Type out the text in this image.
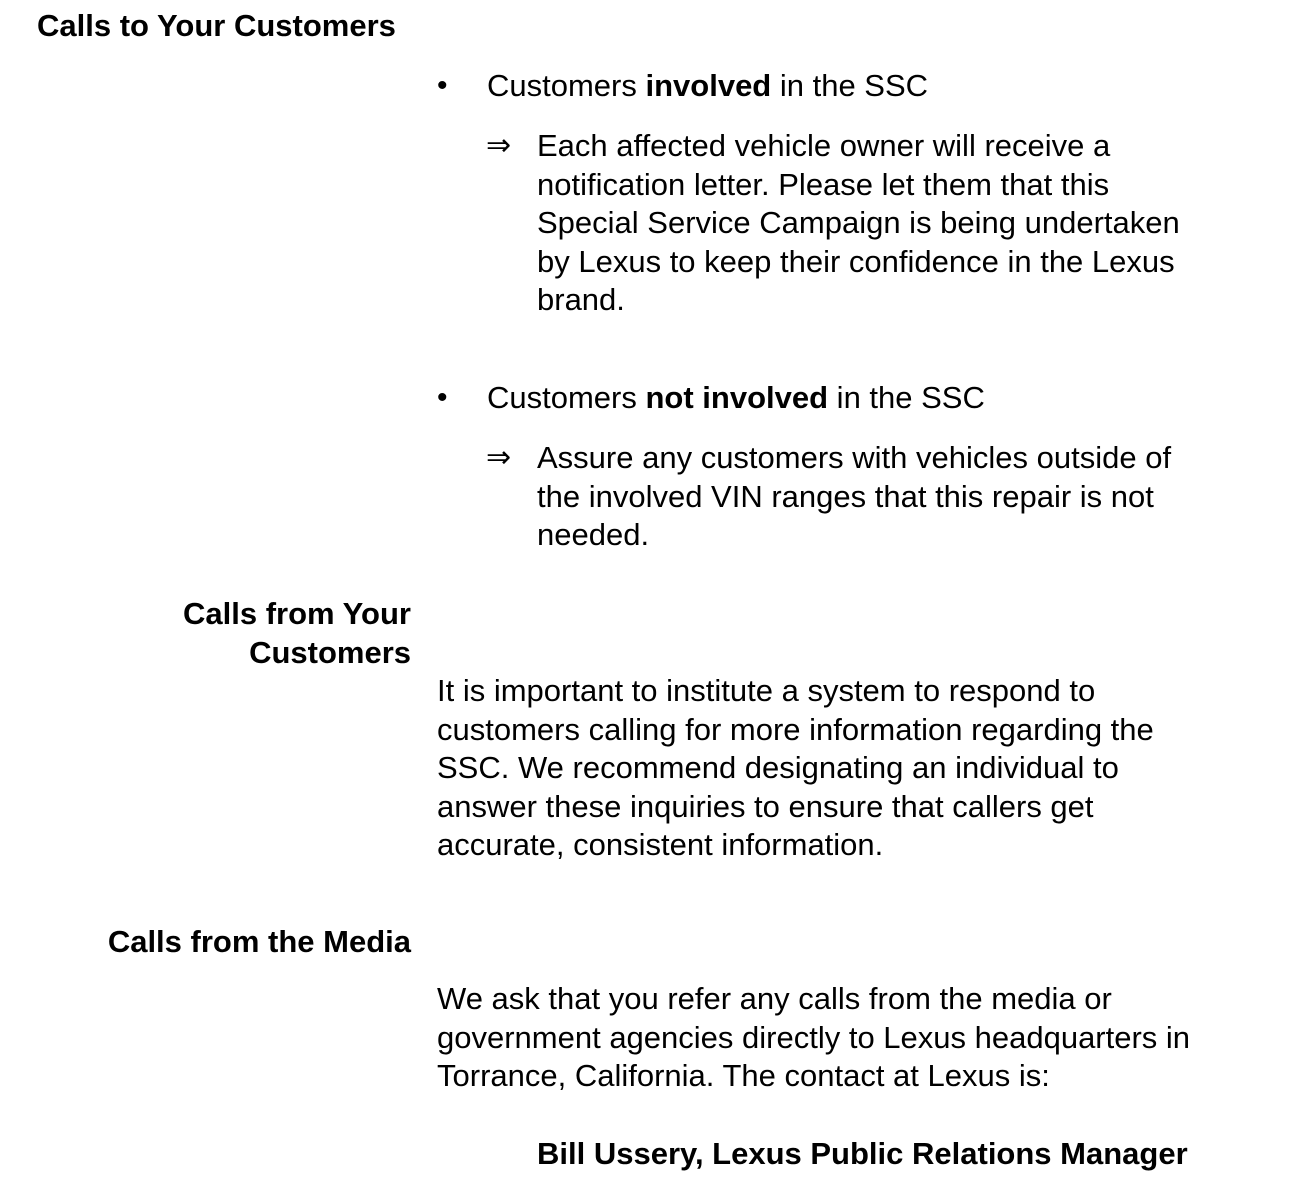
Calls to Your Customers
• Customers involved in the SSC
⇒ Each affected vehicle owner will receive a
notification letter. Please let them that this
Special Service Campaign is being undertaken
by Lexus to keep their confidence in the Lexus
brand.
• Customers not involved in the SSC
⇒ Assure any customers with vehicles outside of
the involved VIN ranges that this repair is not
needed.
Calls from Your
Customers
It is important to institute a system to respond to
customers calling for more information regarding the
SSC. We recommend designating an individual to
answer these inquiries to ensure that callers get
accurate, consistent information.
Calls from the Media
We ask that you refer any calls from the media or
government agencies directly to Lexus headquarters in
Torrance, California. The contact at Lexus is:
Bill Ussery, Lexus Public Relations Manager
